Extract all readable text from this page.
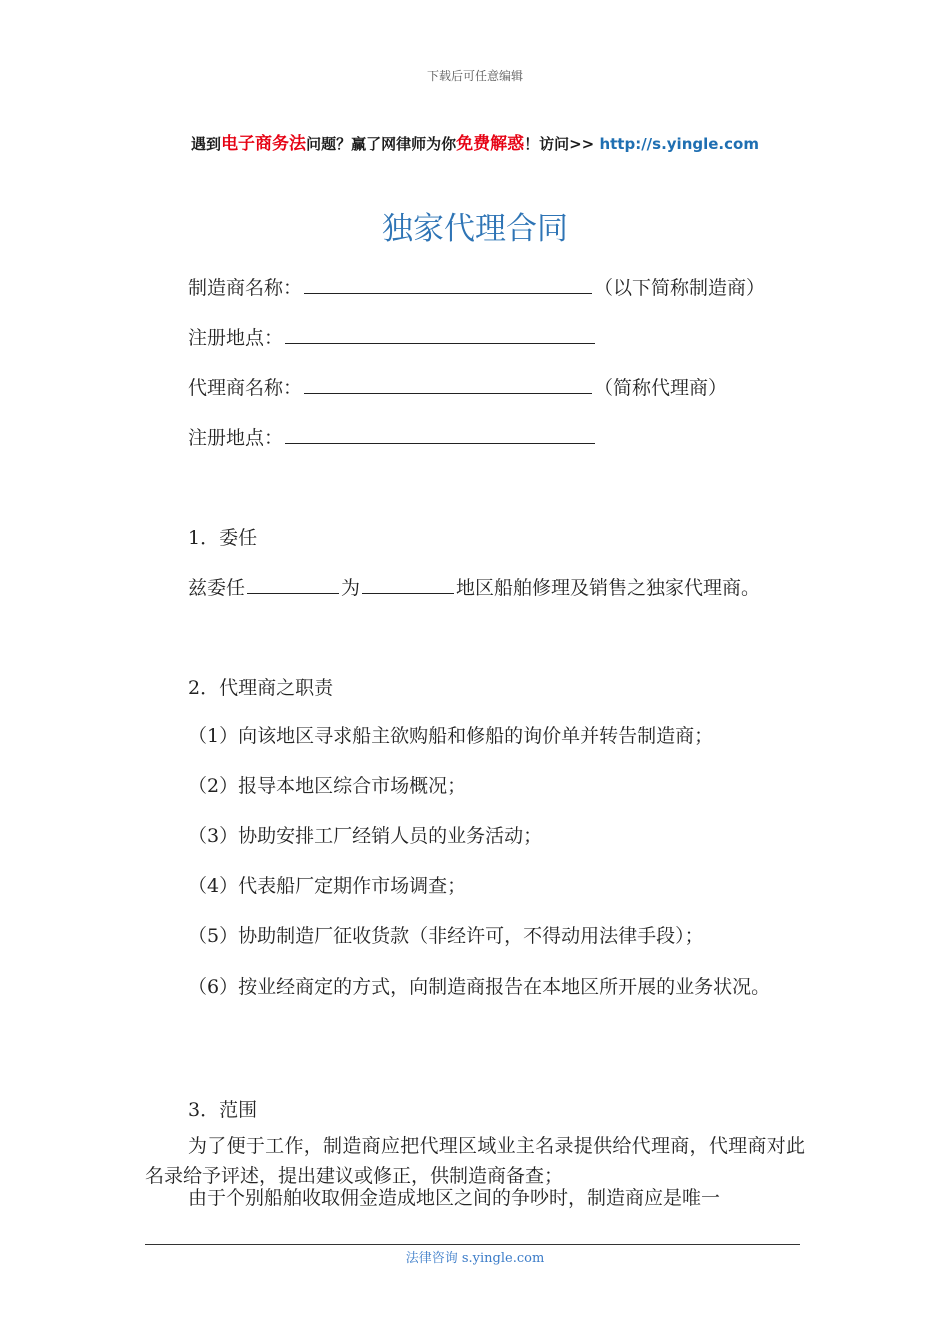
下载后可任意编辑
遇到电子商务法问题？赢了网律师为你免费解惑！访问>> http://s.yingle.com
独家代理合同
制造商名称：	（以下简称制造商）
注册地点：
代理商名称：	（简称代理商）
注册地点：
1．委任
兹委任	为	地区船舶修理及销售之独家代理商。
2．代理商之职责
（1）向该地区寻求船主欲购船和修船的询价单并转告制造商；
（2）报导本地区综合市场概况；
（3）协助安排工厂经销人员的业务活动；
（4）代表船厂定期作市场调查；
（5）协助制造厂征收货款（非经许可，不得动用法律手段）；
（6）按业经商定的方式，向制造商报告在本地区所开展的业务状况。
3．范围
为了便于工作，制造商应把代理区域业主名录提供给代理商，代理商对此名录给予评述，提出建议或修正，供制造商备查；
由于个别船舶收取佣金造成地区之间的争吵时，制造商应是唯一
法律咨询 s.yingle.com
